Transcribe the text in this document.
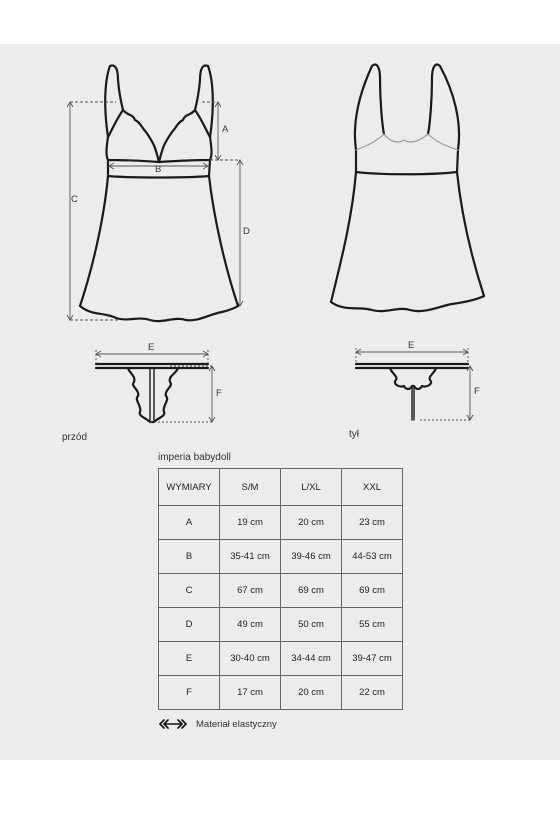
C
A
D
B
E
F
E
F
przód	tył
imperia babydoll
WYMIARY	S/M	L/XL	XXL
A	19 cm	20 cm	23 cm
B	35-41 cm	39-46 cm	44-53 cm
C	67 cm	69 cm	69 cm
D	49 cm	50 cm	55 cm
E	30-40 cm	34-44 cm	39-47 cm
F	17 cm	20 cm	22 cm
Materiał elastyczny
